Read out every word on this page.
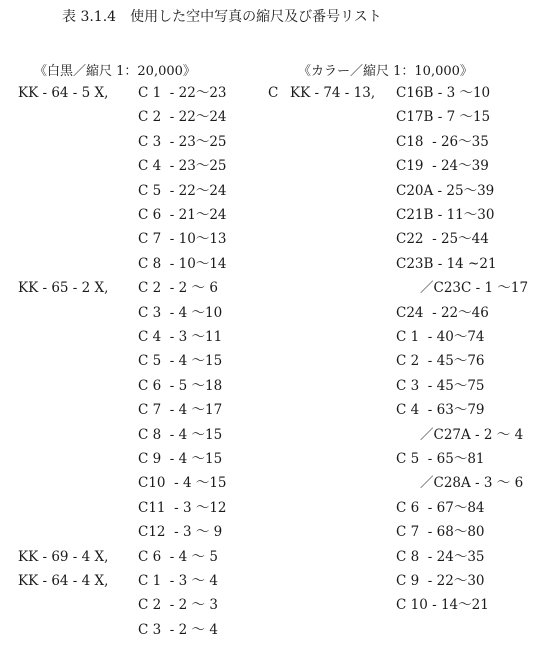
表 3.1.4　使用した空中写真の縮尺及び番号リスト
《白黒／縮尺 1：20,000》	《カラー／縮尺 1：10,000》
KK - 64 - 5 X, C 1  - 22～23
C 2  - 22～24
C 3  - 23～25
C 4  - 23～25
C 5  - 22～24
C 6  - 21～24
C 7  - 10～13
C 8  - 10～14
KK - 65 - 2 X, C 2  - 2 ～ 6
C 3  - 4 ～10
C 4  - 3 ～11
C 5  - 4 ～15
C 6  - 5 ～18
C 7  - 4 ～17
C 8  - 4 ～15
C 9  - 4 ～15
C10  - 4 ～15
C11  - 3 ～12
C12  - 3 ～ 9
KK - 69 - 4 X, C 6  - 4 ～ 5
KK - 64 - 4 X, C 1  - 3 ～ 4
C 2  - 2 ～ 3
C 3  - 2 ～ 4
C16B - 3 ～10
C17B - 7 ～15
C18  - 26～35
C19  - 24～39
C20A - 25～39
C21B - 11～30
C22  - 25～44
C23B - 14 ~21
／C23C - 1 ～17
C24  - 22～46
C 1  - 40～74
C 2  - 45～76
C 3  - 45～75
C 4  - 63～79
／C27A - 2 ～ 4
C 5  - 65～81
／C28A - 3 ～ 6
C 6  - 67～84
C 7  - 68～80
C 8  - 24～35
C 9  - 22～30
C 10 - 14～21
C KK - 74 - 13,
